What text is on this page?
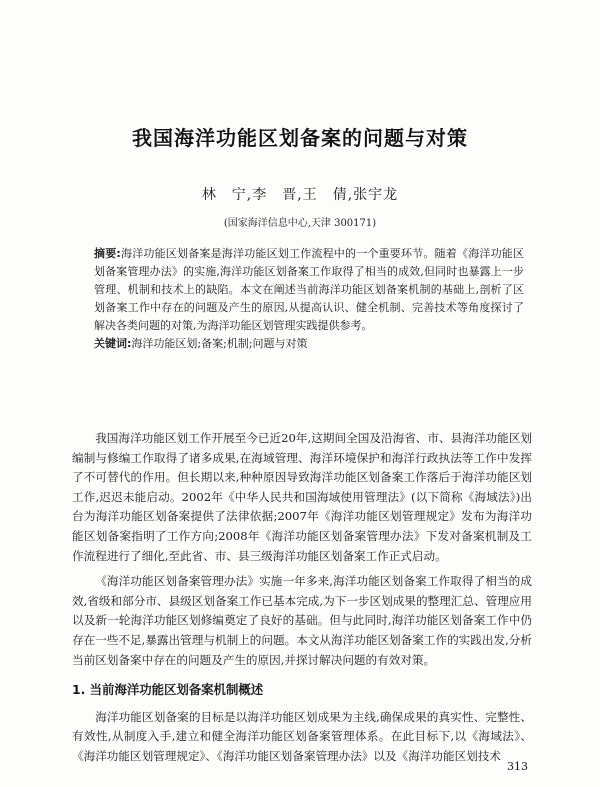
我国海洋功能区划备案的问题与对策
林　宁,李　晋,王　倩,张宇龙
(国家海洋信息中心,天津 300171)
摘要:海洋功能区划备案是海洋功能区划工作流程中的一个重要环节。随着《海洋功能区划备案管理办法》的实施,海洋功能区划备案工作取得了相当的成效,但同时也暴露上一步管理、机制和技术上的缺陷。本文在阐述当前海洋功能区划备案机制的基础上,剖析了区划备案工作中存在的问题及产生的原因,从提高认识、健全机制、完善技术等角度探讨了解决各类问题的对策,为海洋功能区划管理实践提供参考。
关键词:海洋功能区划;备案;机制;问题与对策

我国海洋功能区划工作开展至今已近20年,这期间全国及沿海省、市、县海洋功能区划编制与修编工作取得了诸多成果,在海域管理、海洋环境保护和海洋行政执法等工作中发挥了不可替代的作用。但长期以来,种种原因导致海洋功能区划备案工作落后于海洋功能区划工作,迟迟未能启动。2002年《中华人民共和国海域使用管理法》(以下简称《海域法》)出台为海洋功能区划备案提供了法律依据;2007年《海洋功能区划管理规定》发布为海洋功能区划备案指明了工作方向;2008年《海洋功能区划备案管理办法》下发对备案机制及工作流程进行了细化,至此省、市、县三级海洋功能区划备案工作正式启动。

《海洋功能区划备案管理办法》实施一年多来,海洋功能区划备案工作取得了相当的成效,省级和部分市、县级区划备案工作已基本完成,为下一步区划成果的整理汇总、管理应用以及新一轮海洋功能区划修编奠定了良好的基础。但与此同时,海洋功能区划备案工作中仍存在一些不足,暴露出管理与机制上的问题。本文从海洋功能区划备案工作的实践出发,分析当前区划备案中存在的问题及产生的原因,并探讨解决问题的有效对策。

1. 当前海洋功能区划备案机制概述

海洋功能区划备案的目标是以海洋功能区划成果为主线,确保成果的真实性、完整性、有效性,从制度入手,建立和健全海洋功能区划备案管理体系。在此目标下,以《海域法》、《海洋功能区划管理规定》、《海洋功能区划备案管理办法》以及《海洋功能区划技术

313
